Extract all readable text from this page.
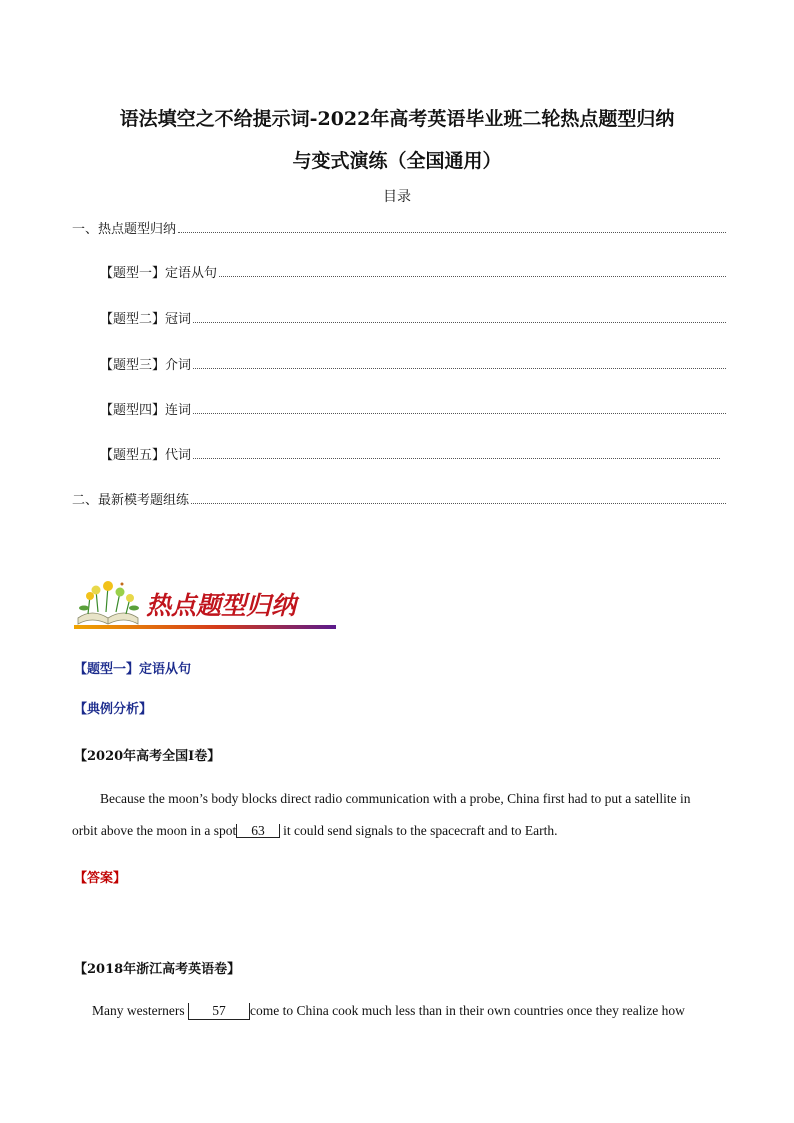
语法填空之不给提示词-2022年高考英语毕业班二轮热点题型归纳
与变式演练（全国通用）
目录
一、热点题型归纳
【题型一】定语从句
【题型二】冠词
【题型三】介词
【题型四】连词
【题型五】代词
二、最新模考题组练
热点题型归纳
【题型一】定语从句
【典例分析】
【2020年高考全国I卷】
Because the moon’s body blocks direct radio communication with a probe, China first had to put a satellite in
orbit above the moon in a spot 63 it could send signals to the spacecraft and to Earth.
【答案】
【2018年浙江高考英语卷】
Many westerners 57 come to China cook much less than in their own countries once they realize how
